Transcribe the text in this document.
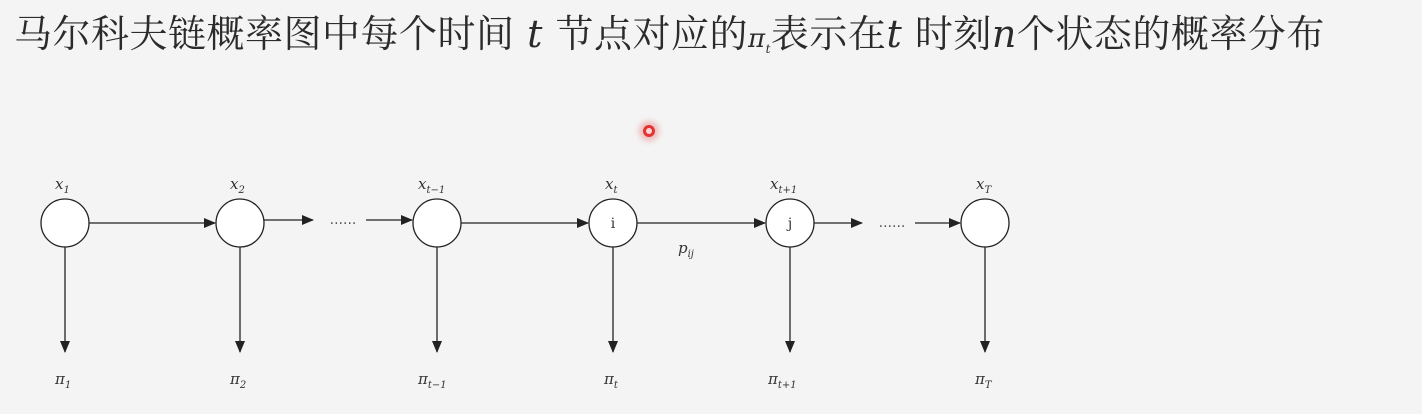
马尔科夫链概率图中每个时间 t 节点对应的$\pi_t$表示在t 时刻n个状态的概率分布
i	j
......	......
$p_{ij}$
$x_1$	$x_2$	$x_{t-1}$	$x_t$	$x_{t+1}$	$x_T$
$\pi_1$	$\pi_2$	$\pi_{t-1}$	$\pi_t$	$\pi_{t+1}$	$\pi_T$
